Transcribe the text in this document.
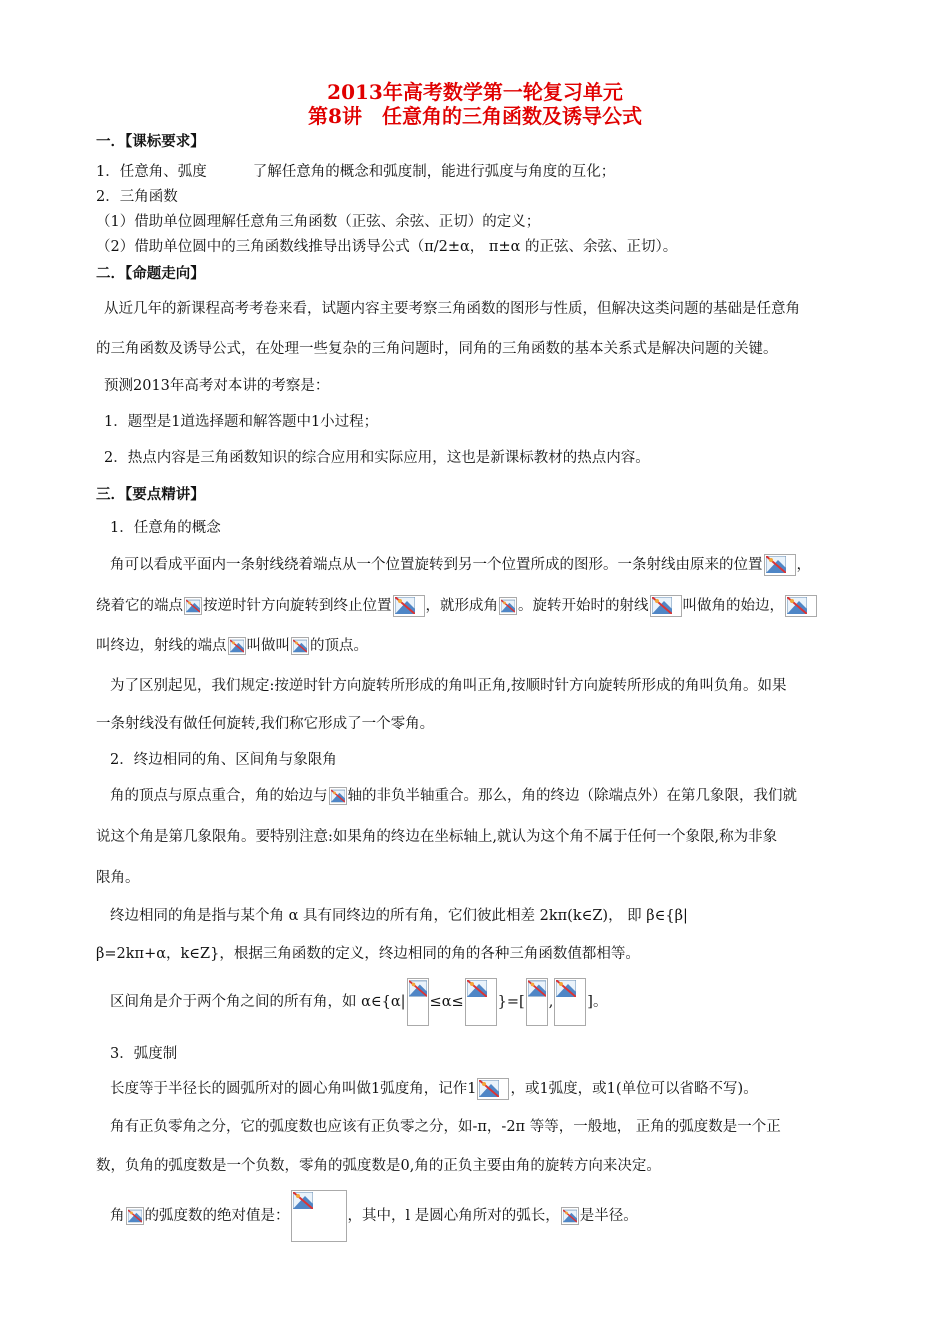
2013年高考数学第一轮复习单元
第8讲　任意角的三角函数及诱导公式
一．【课标要求】
1．任意角、弧度	了解任意角的概念和弧度制，能进行弧度与角度的互化；
2．三角函数
（1）借助单位圆理解任意角三角函数（正弦、余弦、正切）的定义；
（2）借助单位圆中的三角函数线推导出诱导公式（π/2±α， π±α 的正弦、余弦、正切）。
二．【命题走向】
从近几年的新课程高考考卷来看，试题内容主要考察三角函数的图形与性质，但解决这类问题的基础是任意角
的三角函数及诱导公式，在处理一些复杂的三角问题时，同角的三角函数的基本关系式是解决问题的关键。
预测2013年高考对本讲的考察是：
1．题型是1道选择题和解答题中1小过程；
2．热点内容是三角函数知识的综合应用和实际应用，这也是新课标教材的热点内容。
三．【要点精讲】
1．任意角的概念
角可以看成平面内一条射线绕着端点从一个位置旋转到另一个位置所成的图形。一条射线由原来的位置 ，
绕着它的端点 按逆时针方向旋转到终止位置 ，就形成角 。旋转开始时的射线 叫做角的始边，
叫终边，射线的端点 叫做叫 的顶点。
为了区别起见，我们规定:按逆时针方向旋转所形成的角叫正角,按顺时针方向旋转所形成的角叫负角。如果
一条射线没有做任何旋转,我们称它形成了一个零角。
2．终边相同的角、区间角与象限角
角的顶点与原点重合，角的始边与 轴的非负半轴重合。那么，角的终边（除端点外）在第几象限，我们就
说这个角是第几象限角。要特别注意:如果角的终边在坐标轴上,就认为这个角不属于任何一个象限,称为非象
限角。
终边相同的角是指与某个角 α 具有同终边的所有角，它们彼此相差 2kπ(k∈Z)， 即 β∈{β|
β=2kπ+α，k∈Z}，根据三角函数的定义，终边相同的角的各种三角函数值都相等。
区间角是介于两个角之间的所有角，如 α∈{α| ≤α≤ }=[ , ]。
3．弧度制
长度等于半径长的圆弧所对的圆心角叫做1弧度角，记作1 ，或1弧度，或1(单位可以省略不写)。
角有正负零角之分，它的弧度数也应该有正负零之分，如-π，-2π 等等，一般地， 正角的弧度数是一个正
数，负角的弧度数是一个负数，零角的弧度数是0,角的正负主要由角的旋转方向来决定。
角 的弧度数的绝对值是：	，其中，l 是圆心角所对的弧长， 是半径。
